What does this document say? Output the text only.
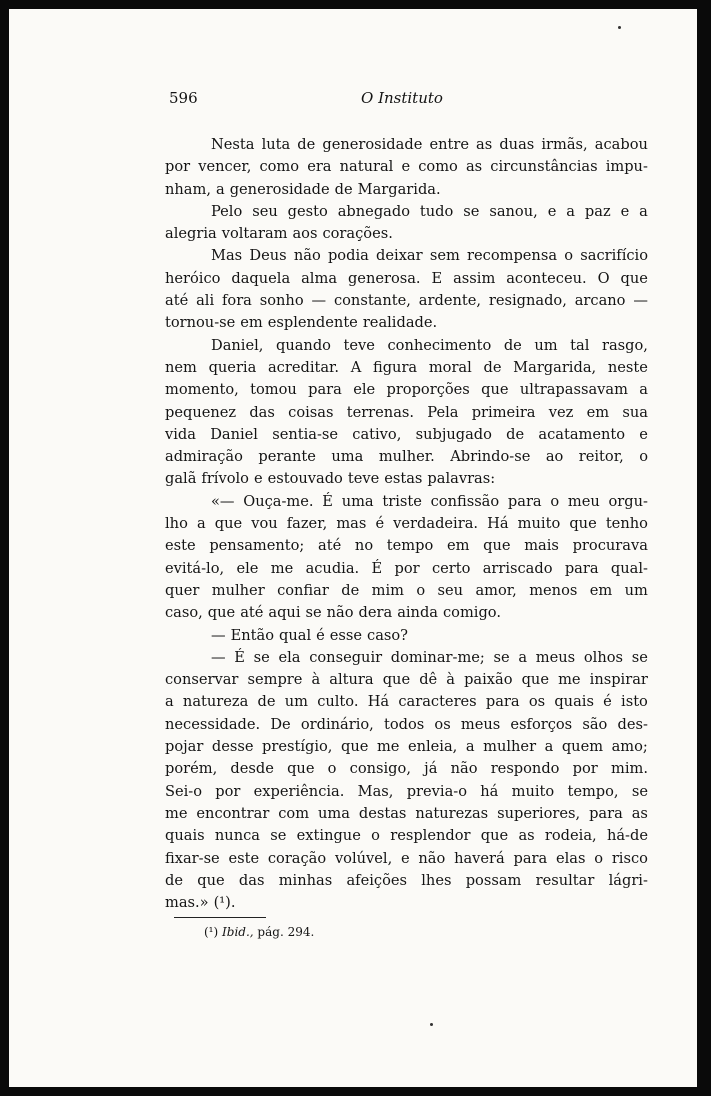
596	O Instituto
Nesta luta de generosidade entre as duas irmãs, acabou
por vencer, como era natural e como as circunstâncias impu-
nham, a generosidade de Margarida.
Pelo seu gesto abnegado tudo se sanou, e a paz e a
alegria voltaram aos corações.
Mas Deus não podia deixar sem recompensa o sacrifício
heróico daquela alma generosa. E assim aconteceu. O que
até ali fora sonho — constante, ardente, resignado, arcano —
tornou-se em esplendente realidade.
Daniel, quando teve conhecimento de um tal rasgo,
nem queria acreditar. A figura moral de Margarida, neste
momento, tomou para ele proporções que ultrapassavam a
pequenez das coisas terrenas. Pela primeira vez em sua
vida Daniel sentia-se cativo, subjugado de acatamento e
admiração perante uma mulher. Abrindo-se ao reitor, o
galã frívolo e estouvado teve estas palavras:
«— Ouça-me. É uma triste confissão para o meu orgu-
lho a que vou fazer, mas é verdadeira. Há muito que tenho
este pensamento; até no tempo em que mais procurava
evitá-lo, ele me acudia. É por certo arriscado para qual-
quer mulher confiar de mim o seu amor, menos em um
caso, que até aqui se não dera ainda comigo.
— Então qual é esse caso?
— É se ela conseguir dominar-me; se a meus olhos se
conservar sempre à altura que dê à paixão que me inspirar
a natureza de um culto. Há caracteres para os quais é isto
necessidade. De ordinário, todos os meus esforços são des-
pojar desse prestígio, que me enleia, a mulher a quem amo;
porém, desde que o consigo, já não respondo por mim.
Sei-o por experiência. Mas, previa-o há muito tempo, se
me encontrar com uma destas naturezas superiores, para as
quais nunca se extingue o resplendor que as rodeia, há-de
fixar-se este coração volúvel, e não haverá para elas o risco
de que das minhas afeições lhes possam resultar lágri-
mas.» (¹).
(¹) Ibid., pág. 294.
